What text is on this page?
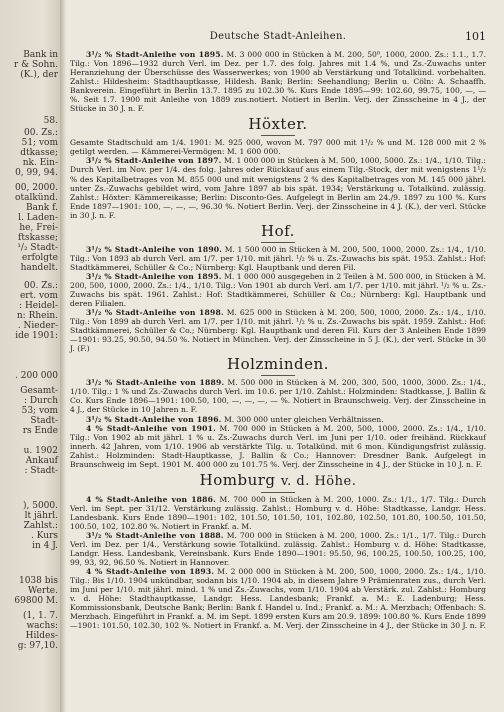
Bank in
r & Sohn.
(K.), der
58.
00. Zs.:
51; vom
dtkasse;
nk. Ein-
0, 99, 94.
00, 2000.
otalkünd.
Bank f.
l. Laden-
he, Frei-
ftskasse;
¹/₂ Stadt-
erfolgte
handelt.
00. Zs.:
ert. vom
: Heidel-
n: Rhein.
. Nieder-
ide 1901:
. 200 000
Gesamt-
: Durch
53; vom
Stadt-
rs Ende
u. 1902
Ankauf
: Stadt-
), 5000.
lt jährl.
Zahlst.:
. Kurs
in 4 J.
1038 bis
Werte.
69800 M.
(1, 1. 7.
wachs:
Hildes-
g: 97,10.
Deutsche Stadt-Anleihen.	101

3¹/₂ % Stadt-Anleihe von 1895. M. 3 000 000 in Stücken à M. 200, 50⁰, 1000, 2000. Zs.: 1.1., 1.7. Tilg.: Von 1896—1932 durch Verl. im Dez. per 1.7. des folg. Jahres mit 1.4 %, und Zs.-Zuwachs unter Heranziehung der Überschüsse des Wasserwerkes; von 1900 ab Verstärkung und Totalkünd. vorbehalten. Zahlst.: Hildesheim: Stadthauptkasse, Hildesh. Bank; Berlin: Seehandlung; Berlin u. Cöln: A. Schaaffh. Bankverein. Eingeführt in Berlin 13.7. 1895 zu 102.30 %. Kurs Ende 1895—99: 102.60, 99.75, 100, —, — %. Seit 1.7. 1900 mit Anleihe von 1889 zus.notiert. Notiert in Berlin. Verj. der Zinsscheine in 4 J., der Stücke in 30 J. n. F.

Höxter.

Gesamte Stadtschuld am 1/4. 1901: M. 925 000, wovon M. 797 000 mit 1¹/₂ % und M. 128 000 mit 2 % getilgt werden. — Kämmerei-Vermögen: M. 1 600 000.

3¹/₂ % Stadt-Anleihe von 1897. M. 1 000 000 in Stücken à M. 500, 1000, 5000. Zs.: 1/4., 1/10. Tilg.: Durch Verl. im Nov. per 1/4. des folg. Jahres oder Rückkauf aus einem Tilg.-Stock, der mit wenigstens 1¹/₂ % des Kapitalbetrages von M. 855 000 und mit wenigstens 2 % des Kapitalbetrages von M. 145 000 jährl. unter Zs.-Zuwachs gebildet wird, vom Jahre 1897 ab bis spät. 1934; Verstärkung u. Totalkünd. zulässig. Zahlst.: Höxter: Kämmereikasse; Berlin: Disconto-Ges. Aufgelegt in Berlin am 24./9. 1897 zu 100 %. Kurs Ende 1897—1901: 100, —, —, —, 96.30 %. Notiert Berlin. Verj. der Zinsscheine in 4 J. (K.), der verl. Stücke in 30 J. n. F.

Hof.

3¹/₂ % Stadt-Anleihe von 1890. M. 1 500 000 in Stücken à M. 200, 500, 1000, 2000. Zs.: 1/4., 1/10. Tilg.: Von 1893 ab durch Verl. am 1/7. per 1/10. mit jährl. ¹/₂ % u. Zs.-Zuwachs bis spät. 1953. Zahlst.: Hof: Stadtkämmerei, Schüller & Co.; Nürnberg: Kgl. Hauptbank und deren Fil.

3¹/₂ % Stadt-Anleihe von 1895. M. 1 000 000 ausgegeben in 2 Teilen à M. 500 000, in Stücken à M. 200, 500, 1000, 2000. Zs.: 1/4., 1/10. Tilg.: Von 1901 ab durch Verl. am 1/7. per 1/10. mit jährl. ¹/₂ % u. Zs.-Zuwachs bis spät. 1961. Zahlst.: Hof: Stadtkämmerei, Schüller & Co.; Nürnberg: Kgl. Hauptbank und deren Filialen.

3¹/₂ % Stadt-Anleihe von 1898. M. 625 000 in Stücken à M. 200, 500, 1000, 2000. Zs.: 1/4., 1/10. Tilg.: Von 1899 ab durch Verl. am 1/7. per 1/10. mit jährl. ¹/₂ % u. Zs.-Zuwachs bis spät. 1959. Zahlst.: Hof: Stadtkämmerei, Schüller & Co.; Nürnberg: Kgl. Hauptbank und deren Fil. Kurs der 3 Anleihen Ende 1899—1901: 93.25, 90.50, 94.50 %. Notiert in München. Verj. der Zinsscheine in 5 J. (K.), der verl. Stücke in 30 J. (F.)

Holzminden.

3¹/₂ % Stadt-Anleihe von 1889. M. 500 000 in Stücken à M. 200, 300, 500, 1000, 3000. Zs.: 1/4., 1/10. Tilg.: 1 % und Zs.-Zuwachs durch Verl. im 10.6. per 1/10. Zahlst.: Holzminden: Stadtkasse, J. Ballin & Co. Kurs Ende 1896—1901: 100.50, 100, —, —, —, — %. Notiert in Braunschweig. Verj. der Zinsscheine in 4 J., der Stücke in 10 Jahren n. F.

3¹/₂ % Stadt-Anleihe von 1896. M. 300 000 unter gleichen Verhältnissen.

4 % Stadt-Anleihe von 1901. M. 700 000 in Stücken à M. 200, 500, 1000, 2000. Zs.: 1/4., 1/10. Tilg.: Von 1902 ab mit jährl. 1 % u. Zs.-Zuwachs durch Verl. im Juni per 1/10. oder freihänd. Rückkauf innerh. 42 Jahren, vom 1/10. 1906 ab verstärkte Tilg. u. Totalkünd. mit 6 mon. Kündigungsfrist zulässig. Zahlst.: Holzminden: Stadt-Hauptkasse, J. Ballin & Co.; Hannover: Dresdner Bank. Aufgelegt in Braunschweig im Sept. 1901 M. 400 000 zu 101.75 %. Verj. der Zinsscheine in 4 J., der Stücke in 10 J. n. F.

Homburg v. d. Höhe.

4 % Stadt-Anleihe von 1886. M. 700 000 in Stücken à M. 200, 1000. Zs.: 1/1., 1/7. Tilg.: Durch Verl. im Sept. per 31/12. Verstärkung zulässig. Zahlst.: Homburg v. d. Höhe: Stadtkasse, Landgr. Hess. Landesbank. Kurs Ende 1890—1901: 102, 101.50, 101.50, 101, 102.80, 102.50, 101.80, 100.50, 101.50, 100.50, 102, 102.80 %. Notiert in Frankf. a. M.

3¹/₂ % Stadt-Anleihe von 1888. M. 700 000 in Stücken à M. 200, 1000. Zs.: 1/1., 1/7. Tilg.: Durch Verl. im Dez. per 1/4., Verstärkung sowie Totalkünd. zulässig. Zahlst.: Homburg v. d. Höhe: Stadtkasse, Landgr. Hess. Landesbank, Vereinsbank. Kurs Ende 1890—1901: 95.50, 96, 100.25, 100.50, 100.25, 100, 99, 93, 92, 96.50 %. Notiert in Hannover.

4 % Stadt-Anleihe von 1893. M. 2 000 000 in Stücken à M. 200, 500, 1000, 2000. Zs.: 1/4., 1/10. Tilg.: Bis 1/10. 1904 unkündbar, sodann bis 1/10. 1904 ab, in diesem Jahre 9 Prämienraten zus., durch Verl. im Juni per 1/10. mit jährl. mind. 1 % und Zs.-Zuwachs, vom 1/10. 1904 ab Verstärk. zul. Zahlst.: Homburg v. d. Höhe: Stadthauptkasse, Landgr. Hess. Landesbank; Frankf. a. M.: E. Ladenburg; Hess. Kommissionsbank, Deutsche Bank; Berlin: Bank f. Handel u. Ind.; Frankf. a. M.: A. Merzbach; Offenbach: S. Merzbach. Eingeführt in Frankf. a. M. im Sept. 1899 ersten Kurs am 20.9. 1899: 100.80 %. Kurs Ende 1899—1901: 101.50, 102.30, 102 %. Notiert in Frankf. a. M. Verj. der Zinsscheine in 4 J., der Stücke in 30 J. n. F.
